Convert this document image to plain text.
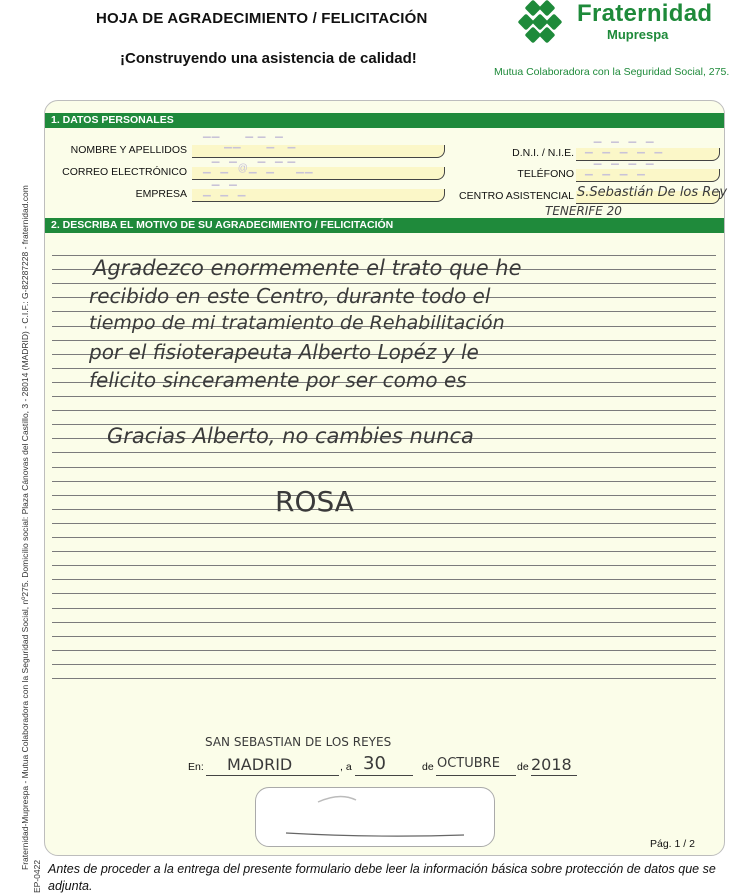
HOJA DE AGRADECIMIENTO / FELICITACIÓN
¡Construyendo una asistencia de calidad!
Fraternidad
Muprespa
Mutua Colaboradora con la Seguridad Social, 275.
Fraternidad-Muprespa - Mutua Colaboradora con la Seguridad Social, nº275. Domicilio social: Plaza Cánovas del Castillo, 3 - 28014 (MADRID) - C.I.F.: G-82287228 - fraternidad.com
EP-0422
1. DATOS PERSONALES
NOMBRE Y APELLIDOS
▔▔ ▁▁ ▔ ▔▁▔ ▁
CORREO ELECTRÓNICO ▁▔▁▔@▁▔▁▔ ▔▁▁
EMPRESA ▁▔▁▔▁
D.N.I. / N.I.E. ▁▔▁▔▁▔▁▔▁
TELÉFONO ▁▔▁▔▁▔▁▔
CENTRO ASISTENCIAL S.Sebastián De los Rey
TENERIFE 20
2. DESCRIBA EL MOTIVO DE SU AGRADECIMIENTO / FELICITACIÓN
Agradezco enormemente el trato que he
recibido en este Centro, durante todo el
tiempo de mi tratamiento de Rehabilitación
por el fisioterapeuta Alberto Lopéz y le
felicito sinceramente por ser como es
Gracias Alberto, no cambies nunca
ROSA
SAN SEBASTIAN DE LOS REYES
En: MADRID	, a 30	de OCTUBRE de 2018
Pág. 1 / 2
Antes de proceder a la entrega del presente formulario debe leer la información básica sobre protección de datos que se adjunta.
